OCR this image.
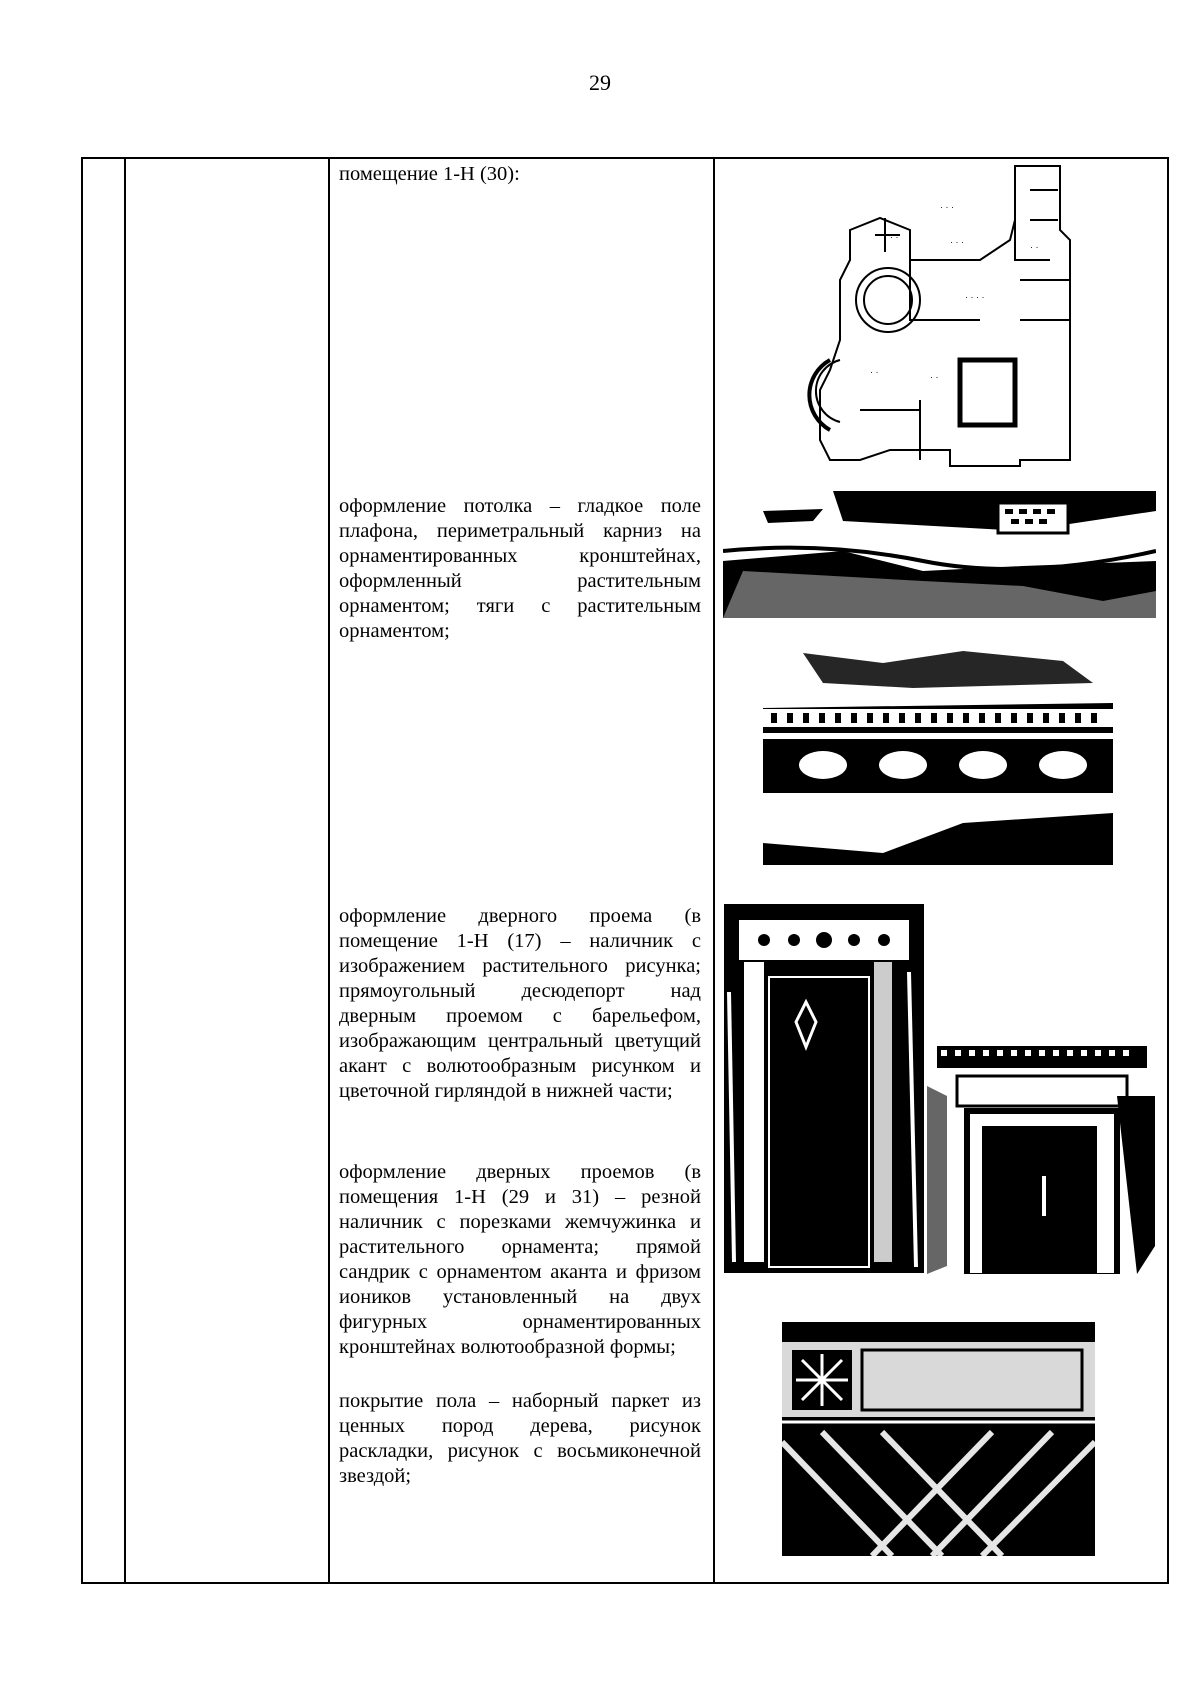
29

помещение 1-Н (30):

оформление потолка – гладкое поле плафона, периметральный карниз на орнаментированных кронштейнах, оформленный растительным орнаментом; тяги с растительным орнаментом;

оформление дверного проема (в помещение 1-Н (17) – наличник с изображением растительного рисунка; прямоугольный десюдепорт над дверным проемом с барельефом, изображающим центральный цветущий акант с волютообразным рисунком и цветочной гирляндой в нижней части;

оформление дверных проемов (в помещения 1-Н (29 и 31) – резной наличник с порезками жемчужинка и растительного орнамента; прямой сандрик с орнаментом аканта и фризом иоников установленный на двух фигурных орнаментированных кронштейнах волютообразной формы;

покрытие пола – наборный паркет из ценных пород дерева, рисунок раскладки, рисунок с восьмиконечной звездой;

· · ·
· · ·
· ·
· ·
· · · ·
· ·	· ·
